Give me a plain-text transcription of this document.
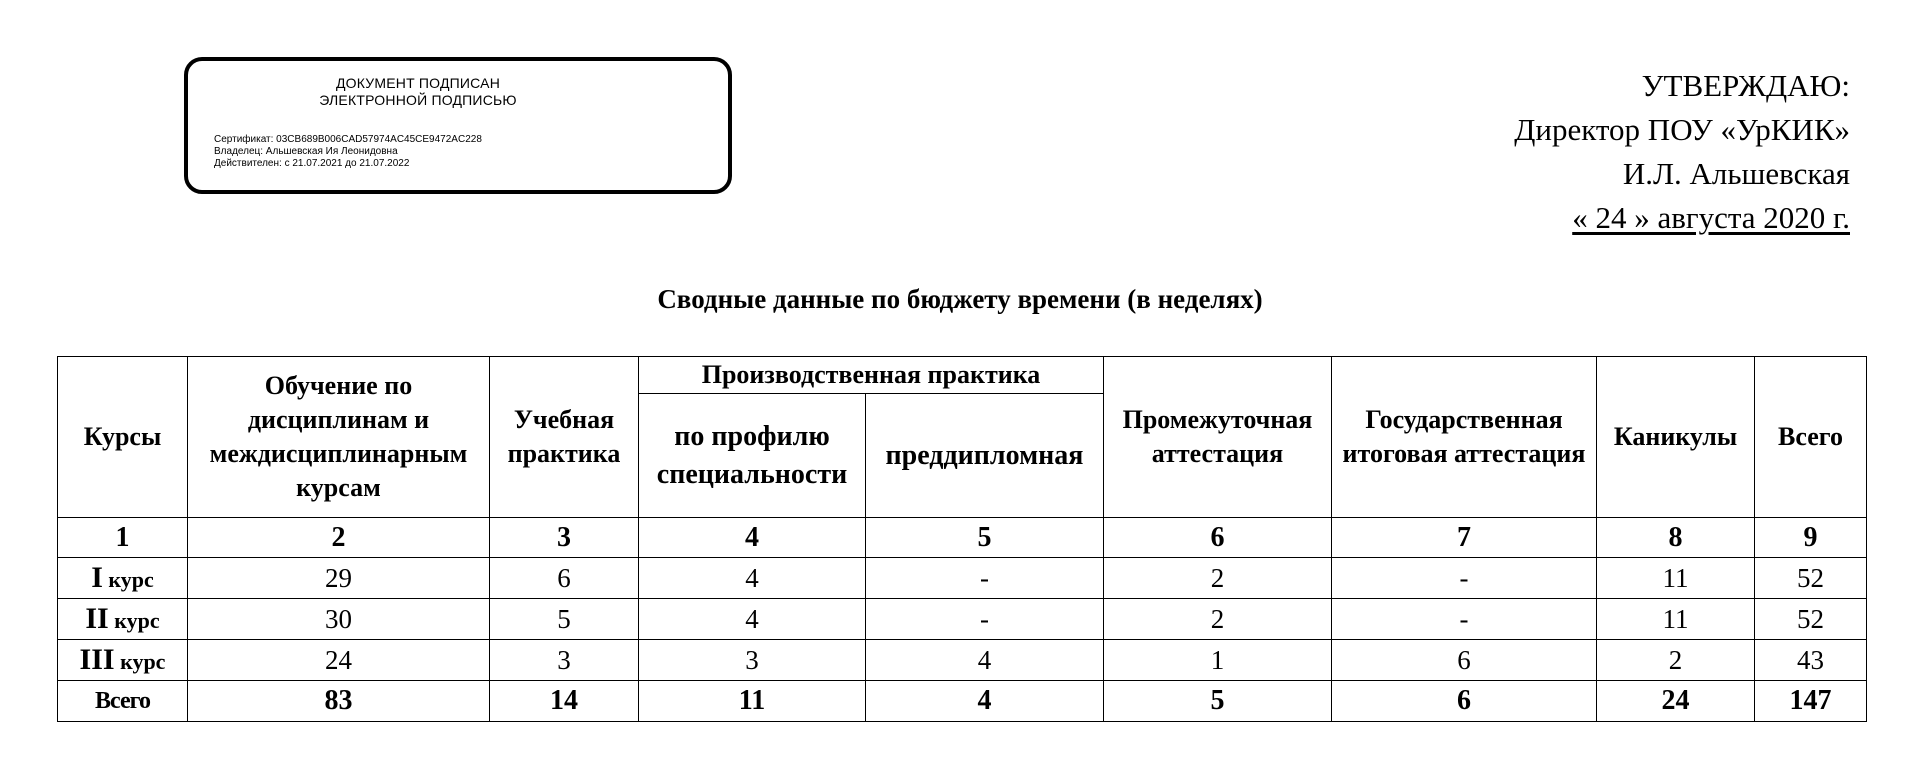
ДОКУМЕНТ ПОДПИСАН
ЭЛЕКТРОННОЙ ПОДПИСЬЮ
Сертификат: 03CB689B006CAD57974AC45CE9472AC228
Владелец: Альшевская Ия Леонидовна
Действителен: с 21.07.2021 до 21.07.2022
УТВЕРЖДАЮ:
Директор ПОУ «УрКИК»
И.Л. Альшевская
« 24 » августа 2020 г.
Сводные данные по бюджету времени (в неделях)
Курсы	Обучение по дисциплинам и междисциплинарным курсам	Учебная практика	Производственная практика		Промежуточная аттестация	Государственная итоговая аттестация	Каникулы	Всего
			по профилю специальности	преддипломная				
1	2	3	4	5	6	7	8	9
I курс	29	6	4	-	2	-	11	52
II курс	30	5	4	-	2	-	11	52
III курс	24	3	3	4	1	6	2	43
Всего	83	14	11	4	5	6	24	147
